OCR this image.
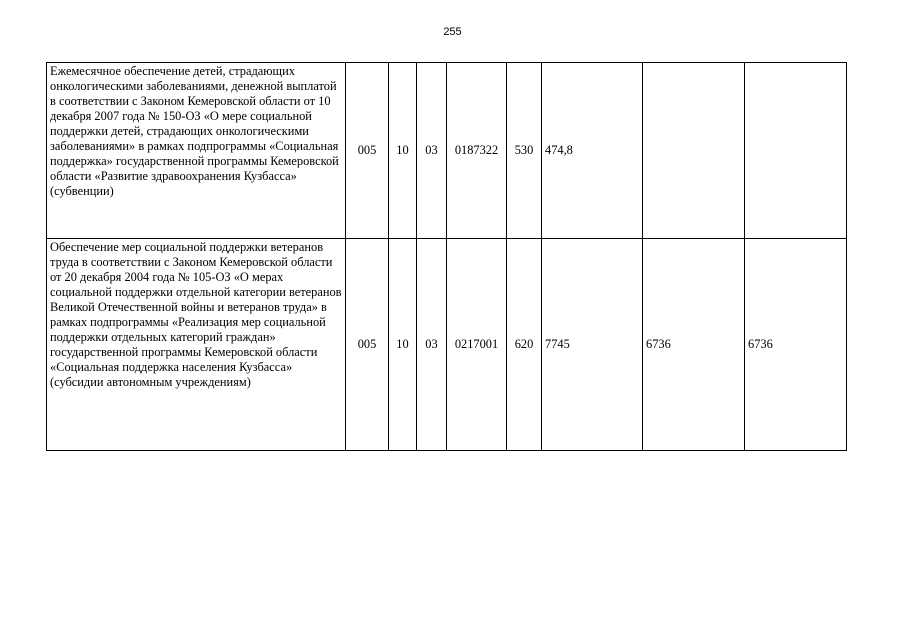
255
Ежемесячное обеспечение детей, страдающих онкологическими заболеваниями, денежной выплатой в соответствии с Законом Кемеровской области от 10 декабря 2007 года № 150-ОЗ «О мере социальной поддержки детей, страдающих онкологическими заболеваниями» в рамках подпрограммы «Социальная поддержка» государственной программы Кемеровской области «Развитие здравоохранения Кузбасса» (субвенции)	005	10	03	0187322	530	474,8		
Обеспечение мер социальной поддержки ветеранов труда в соответствии с Законом Кемеровской области от 20 декабря 2004 года № 105-ОЗ «О мерах социальной поддержки отдельной категории ветеранов Великой Отечественной войны и ветеранов труда» в рамках подпрограммы «Реализация мер социальной поддержки отдельных категорий граждан» государственной программы Кемеровской области «Социальная поддержка населения Кузбасса» (субсидии автономным учреждениям)	005	10	03	0217001	620	7745	6736	6736
